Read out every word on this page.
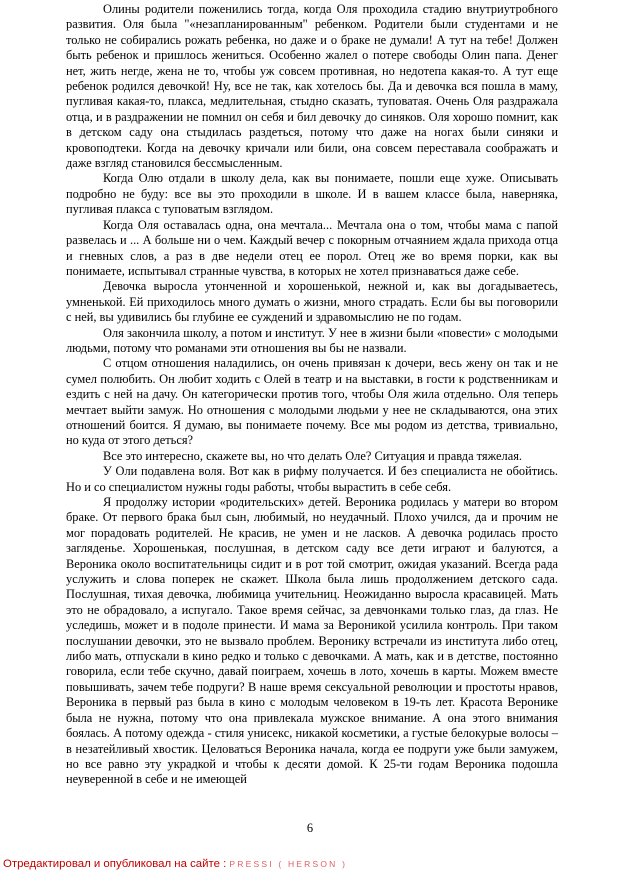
Олины родители поженились тогда, когда Оля проходила стадию внутриутробного развития. Оля была "«незапланированным" ребенком. Родители были студентами и не только не собирались рожать ребенка, но даже и о браке не думали! А тут на тебе! Должен быть ребенок и пришлось жениться. Особенно жалел о потере свободы Олин папа. Денег нет, жить негде, жена не то, чтобы уж совсем противная, но недотепа какая-то. А тут еще ребенок родился девочкой! Ну, все не так, как хотелось бы. Да и девочка вся пошла в маму, пугливая какая-то, плакса, медлительная, стыдно сказать, туповатая. Очень Оля раздражала отца, и в раздражении не помнил он себя и бил девочку до синяков. Оля хорошо помнит, как в детском саду она стыдилась раздеться, потому что даже на ногах были синяки и кровоподтеки. Когда на девочку кричали или били, она совсем переставала соображать и даже взгляд становился бессмысленным.

Когда Олю отдали в школу дела, как вы понимаете, пошли еще хуже. Описывать подробно не буду: все вы это проходили в школе. И в вашем классе была, наверняка, пугливая плакса с туповатым взглядом.

Когда Оля оставалась одна, она мечтала... Мечтала она о том, чтобы мама с папой развелась и ... А больше ни о чем. Каждый вечер с покорным отчаянием ждала прихода отца и гневных слов, а раз в две недели отец ее порол. Отец же во время порки, как вы понимаете, испытывал странные чувства, в которых не хотел признаваться даже себе.

Девочка выросла утонченной и хорошенькой, нежной и, как вы догадываетесь, умненькой. Ей приходилось много думать о жизни, много страдать. Если бы вы поговорили с ней, вы удивились бы глубине ее суждений и здравомыслию не по годам.

Оля закончила школу, а потом и институт. У нее в жизни были «повести» с молодыми людьми, потому что романами эти отношения вы бы не назвали.

С отцом отношения наладились, он очень привязан к дочери, весь жену он так и не сумел полюбить. Он любит ходить с Олей в театр и на выставки, в гости к родственникам и ездить с ней на дачу. Он категорически против того, чтобы Оля жила отдельно. Оля теперь мечтает выйти замуж. Но отношения с молодыми людьми у нее не складываются, она этих отношений боится. Я думаю, вы понимаете почему. Все мы родом из детства, тривиально, но куда от этого деться?

Все это интересно, скажете вы, но что делать Оле? Ситуация и правда тяжелая.

У Оли подавлена воля. Вот как в рифму получается. И без специалиста не обойтись. Но и со специалистом нужны годы работы, чтобы вырастить в себе себя.

Я продолжу истории «родительских» детей. Вероника родилась у матери во втором браке. От первого брака был сын, любимый, но неудачный. Плохо учился, да и прочим не мог порадовать родителей. Не красив, не умен и не ласков. А девочка родилась просто загляденье. Хорошенькая, послушная, в детском саду все дети играют и балуются, а Вероника около воспитательницы сидит и в рот той смотрит, ожидая указаний. Всегда рада услужить и слова поперек не скажет. Школа была лишь продолжением детского сада. Послушная, тихая девочка, любимица учительниц. Неожиданно выросла красавицей. Мать это не обрадовало, а испугало. Такое время сейчас, за девчонками только глаз, да глаз. Не уследишь, может и в подоле принести. И мама за Вероникой усилила контроль. При таком послушании девочки, это не вызвало проблем. Веронику встречали из института либо отец, либо мать, отпускали в кино редко и только с девочками. А мать, как и в детстве, постоянно говорила, если тебе скучно, давай поиграем, хочешь в лото, хочешь в карты. Можем вместе повышивать, зачем тебе подруги? В наше время сексуальной революции и простоты нравов, Вероника в первый раз была в кино с молодым человеком в 19-ть лет. Красота Веронике была не нужна, потому что она привлекала мужское внимание. А она этого внимания боялась. А потому одежда - стиля унисекс, никакой косметики, а густые белокурые волосы – в незатейливый хвостик. Целоваться Вероника начала, когда ее подруги уже были замужем, но все равно эту украдкой и чтобы к десяти домой. К 25-ти годам Вероника подошла неуверенной в себе и не имеющей

6
Отредактировал и опубликовал на сайте : PRESSI ( HERSON )
